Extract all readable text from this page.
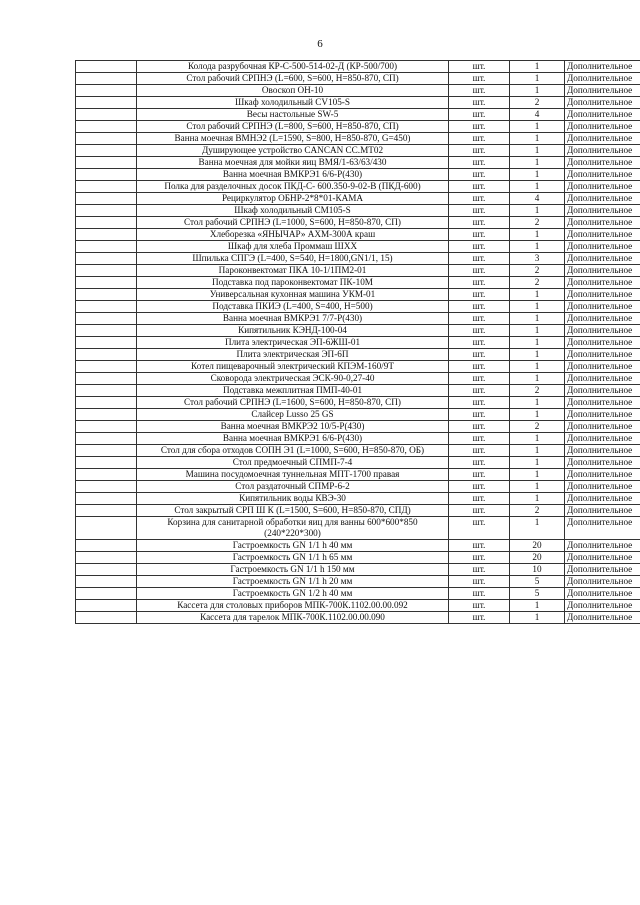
6
	Колода разрубочная КР-С-500-514-02-Д (КР-500/700)	шт.	1	Дополнительное
	Стол рабочий СРПНЭ (L=600, S=600, H=850-870, СП)	шт.	1	Дополнительное
	Овоскоп ОН-10	шт.	1	Дополнительное
	Шкаф холодильный CV105-S	шт.	2	Дополнительное
	Весы настольные SW-5	шт.	4	Дополнительное
	Стол рабочий СРПНЭ (L=800, S=600, H=850-870, СП)	шт.	1	Дополнительное
	Ванна моечная ВМНЭ2 (L=1590, S=800, H=850-870, G=450)	шт.	1	Дополнительное
	Душирующее устройство CANCAN CC.MT02	шт.	1	Дополнительное
	Ванна моечная для мойки яиц ВМЯ/1-63/63/430	шт.	1	Дополнительное
	Ванна моечная ВМКРЭ1 6/6-Р(430)	шт.	1	Дополнительное
	Полка для разделочных досок ПКД-С- 600.350-9-02-В (ПКД-600)	шт.	1	Дополнительное
	Рециркулятор ОБНР-2*8*01-КАМА	шт.	4	Дополнительное
	Шкаф холодильный CM105-S	шт.	1	Дополнительное
	Стол рабочий СРПНЭ (L=1000, S=600, H=850-870, СП)	шт.	2	Дополнительное
	Хлеборезка «ЯНЫЧАР» АХМ-300А краш	шт.	1	Дополнительное
	Шкаф для хлеба Проммаш ШХХ	шт.	1	Дополнительное
	Шпилька СПГЭ (L=400, S=540, H=1800,GN1/1, 15)	шт.	3	Дополнительное
	Пароконвектомат ПКА 10-1/1ПМ2-01	шт.	2	Дополнительное
	Подставка под пароконвектомат ПК-10М	шт.	2	Дополнительное
	Универсальная кухонная машина УКМ-01	шт.	1	Дополнительное
	Подставка ПКИЭ (L=400, S=400, H=500)	шт.	1	Дополнительное
	Ванна моечная ВМКРЭ1 7/7-Р(430)	шт.	1	Дополнительное
	Кипятильник КЭНД-100-04	шт.	1	Дополнительное
	Плита электрическая ЭП-6ЖШ-01	шт.	1	Дополнительное
	Плита электрическая ЭП-6П	шт.	1	Дополнительное
	Котел пищеварочный электрический КПЭМ-160/9Т	шт.	1	Дополнительное
	Сковорода электрическая ЭСК-90-0,27-40	шт.	1	Дополнительное
	Подставка межплитная ПМП-40-01	шт.	2	Дополнительное
	Стол рабочий СРПНЭ (L=1600, S=600, H=850-870, СП)	шт.	1	Дополнительное
	Слайсер Lusso 25 GS	шт.	1	Дополнительное
	Ванна моечная ВМКРЭ2 10/5-Р(430)	шт.	2	Дополнительное
	Ванна моечная ВМКРЭ1 6/6-Р(430)	шт.	1	Дополнительное
	Стол для сбора отходов СОПН Э1 (L=1000, S=600, H=850-870, ОБ)	шт.	1	Дополнительное
	Стол предмоечный СПМП-7-4	шт.	1	Дополнительное
	Машина посудомоечная туннельная МПТ-1700 правая	шт.	1	Дополнительное
	Стол раздаточный СПМР-6-2	шт.	1	Дополнительное
	Кипятильник воды КВЭ-30	шт.	1	Дополнительное
	Стол закрытый СРП Ш К (L=1500, S=600, H=850-870, СПД)	шт.	2	Дополнительное
	Корзина для санитарной обработки яиц для ванны 600*600*850 (240*220*300)	шт.	1	Дополнительное
	Гастроемкость GN 1/1 h 40 мм	шт.	20	Дополнительное
	Гастроемкость GN 1/1 h 65 мм	шт.	20	Дополнительное
	Гастроемкость GN 1/1 h 150 мм	шт.	10	Дополнительное
	Гастроемкость GN 1/1 h 20 мм	шт.	5	Дополнительное
	Гастроемкость GN 1/2 h 40 мм	шт.	5	Дополнительное
	Кассета для столовых приборов МПК-700К.1102.00.00.092	шт.	1	Дополнительное
	Кассета для тарелок МПК-700К.1102.00.00.090	шт.	1	Дополнительное
